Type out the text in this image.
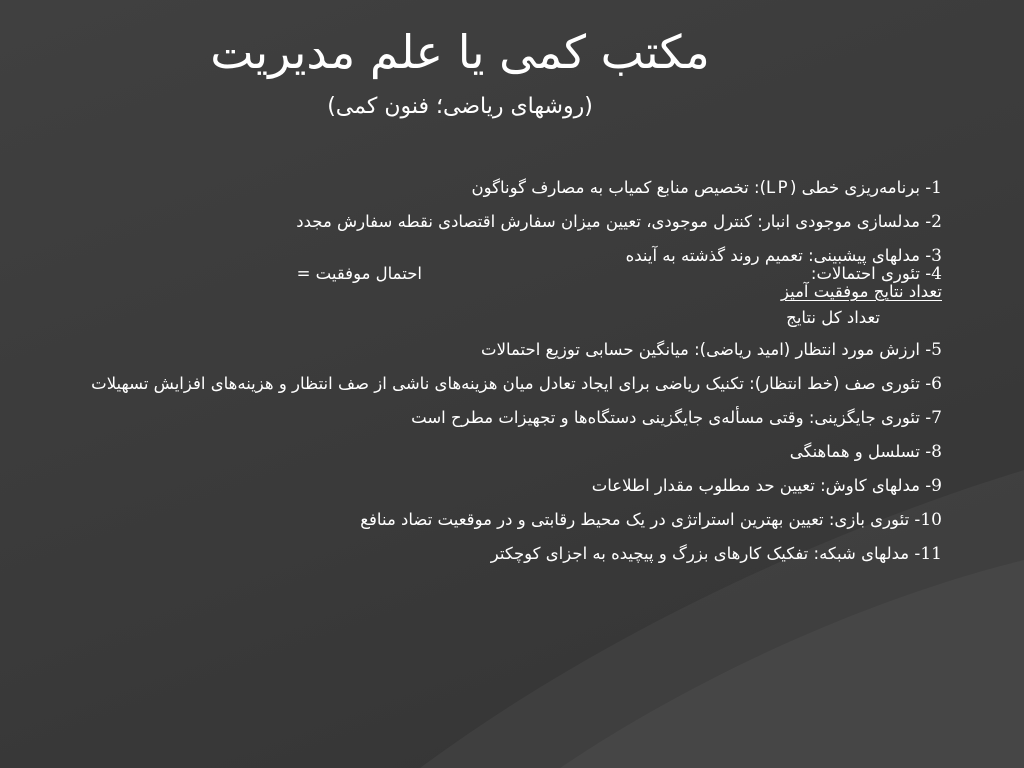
مکتب کمی یا علم مدیریت
(روشهای ریاضی؛ فنون کمی)
1- برنامه‌ریزی خطی (LP): تخصیص منابع کمیاب به مصارف گوناگون
2- مدلسازی موجودی انبار: کنترل موجودی، تعیین میزان سفارش اقتصادی نقطه سفارش مجدد
3- مدلهای پیشبینی: تعمیم روند گذشته به آینده
4- تئوری احتمالات:
احتمال موفقیت =
تعداد نتایج موفقیت آمیز
تعداد کل نتایج
5- ارزش مورد انتظار (امید ریاضی): میانگین حسابی توزیع احتمالات
6- تئوری صف (خط انتظار): تکنیک ریاضی برای ایجاد تعادل میان هزینه‌های ناشی از صف انتظار و هزینه‌های افزایش تسهیلات
7- تئوری جایگزینی: وقتی مسأله‌ی جایگزینی دستگاه‌ها و تجهیزات مطرح است
8- تسلسل و هماهنگی
9- مدلهای کاوش: تعیین حد مطلوب مقدار اطلاعات
10- تئوری بازی: تعیین بهترین استراتژی در یک محیط رقابتی و در موقعیت تضاد منافع
11- مدلهای شبکه: تفکیک کارهای بزرگ و پیچیده به اجزای کوچکتر
